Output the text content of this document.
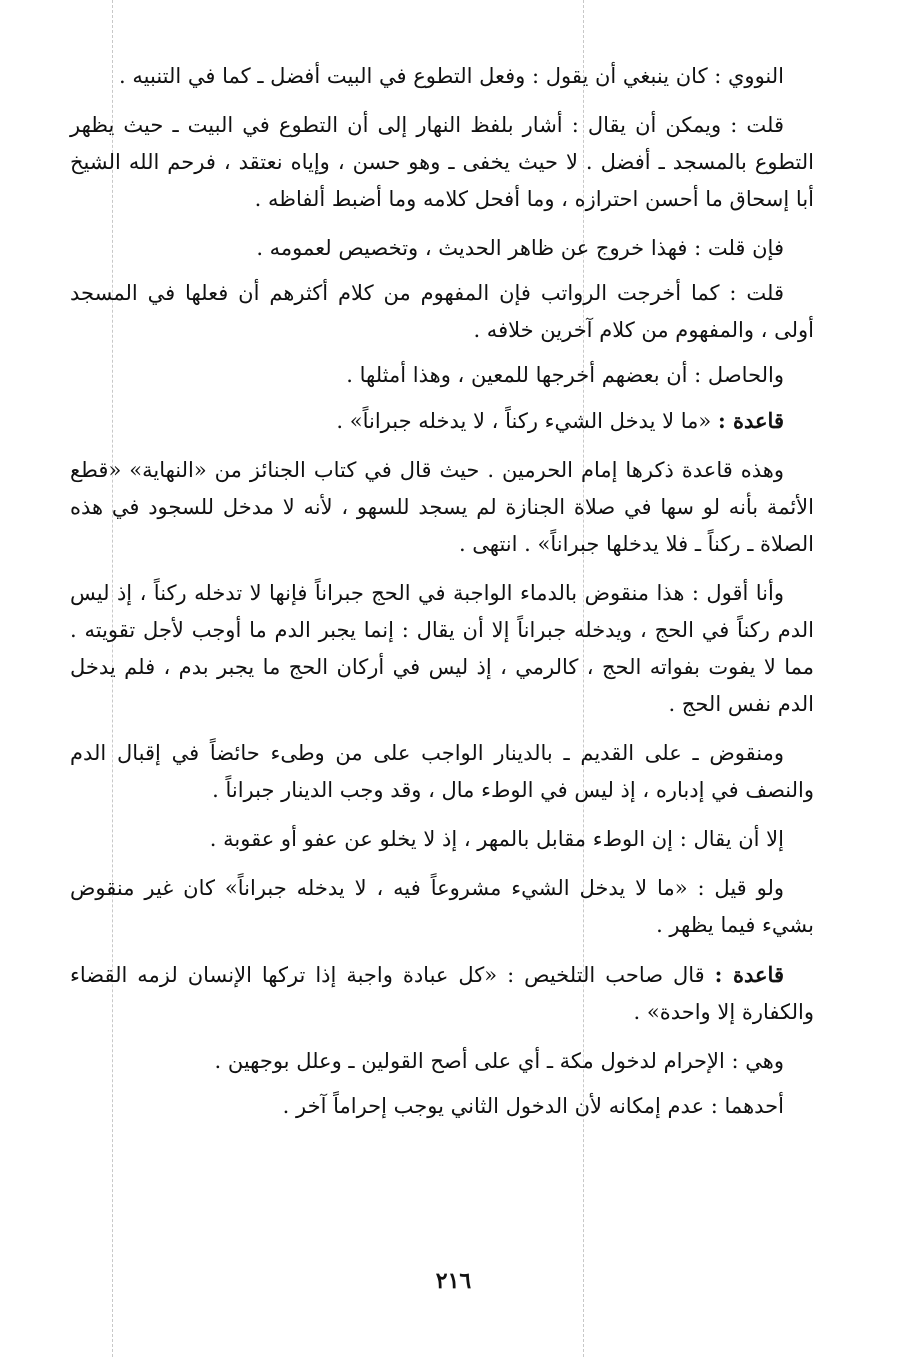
النووي : كان ينبغي أن يقول : وفعل التطوع في البيت أفضل ـ كما في التنبيه .

قلت : ويمكن أن يقال : أشار بلفظ النهار إلى أن التطوع في البيت ـ حيث يظهر التطوع بالمسجد ـ أفضل . لا حيث يخفى ـ وهو حسن ، وإياه نعتقد ، فرحم الله الشيخ أبا إسحاق ما أحسن احترازه ، وما أفحل كلامه وما أضبط ألفاظه .

فإن قلت : فهذا خروج عن ظاهر الحديث ، وتخصيص لعمومه .

قلت : كما أخرجت الرواتب فإن المفهوم من كلام أكثرهم أن فعلها في المسجد أولى ، والمفهوم من كلام آخرين خلافه .

والحاصل : أن بعضهم أخرجها للمعين ، وهذا أمثلها .

قاعدة : «ما لا يدخل الشيء ركناً ، لا يدخله جبراناً» .

وهذه قاعدة ذكرها إمام الحرمين . حيث قال في كتاب الجنائز من «النهاية» «قطع الأئمة بأنه لو سها في صلاة الجنازة لم يسجد للسهو ، لأنه لا مدخل للسجود في هذه الصلاة ـ ركناً ـ فلا يدخلها جبراناً» . انتهى .

وأنا أقول : هذا منقوض بالدماء الواجبة في الحج جبراناً فإنها لا تدخله ركناً ، إذ ليس الدم ركناً في الحج ، ويدخله جبراناً إلا أن يقال : إنما يجبر الدم ما أوجب لأجل تقويته . مما لا يفوت بفواته الحج ، كالرمي ، إذ ليس في أركان الحج ما يجبر بدم ، فلم يدخل الدم نفس الحج .

ومنقوض ـ على القديم ـ بالدينار الواجب على من وطىء حائضاً في إقبال الدم والنصف في إدباره ، إذ ليس في الوطء مال ، وقد وجب الدينار جبراناً .

إلا أن يقال : إن الوطء مقابل بالمهر ، إذ لا يخلو عن عفو أو عقوبة .

ولو قيل : «ما لا يدخل الشيء مشروعاً فيه ، لا يدخله جبراناً» كان غير منقوض بشيء فيما يظهر .

قاعدة : قال صاحب التلخيص : «كل عبادة واجبة إذا تركها الإنسان لزمه القضاء والكفارة إلا واحدة» .

وهي : الإحرام لدخول مكة ـ أي على أصح القولين ـ وعلل بوجهين .

أحدهما : عدم إمكانه لأن الدخول الثاني يوجب إحراماً آخر .

٢١٦
